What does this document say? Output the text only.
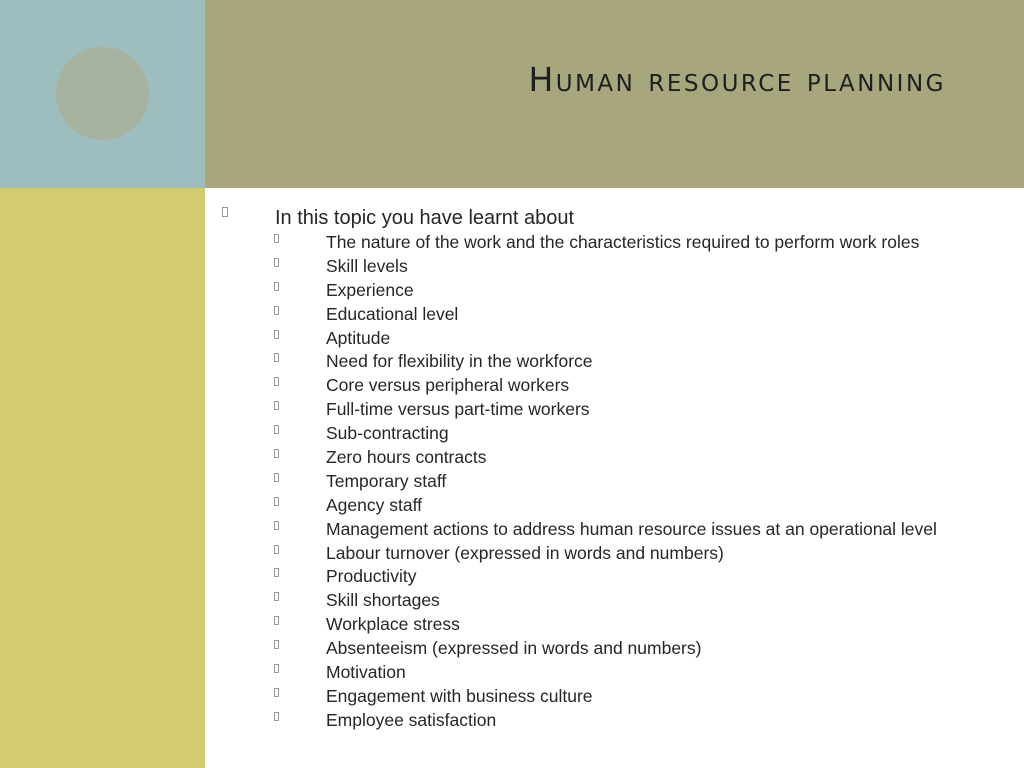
Human resource planning
In this topic you have learnt about
The nature of the work and the characteristics required to perform work roles
Skill levels
Experience
Educational level
Aptitude
Need for flexibility in the workforce
Core versus peripheral workers
Full-time versus part-time workers
Sub-contracting
Zero hours contracts
Temporary staff
Agency staff
Management actions to address human resource issues at an operational level
Labour turnover (expressed in words and numbers)
Productivity
Skill shortages
Workplace stress
Absenteeism (expressed in words and numbers)
Motivation
Engagement with business culture
Employee satisfaction
